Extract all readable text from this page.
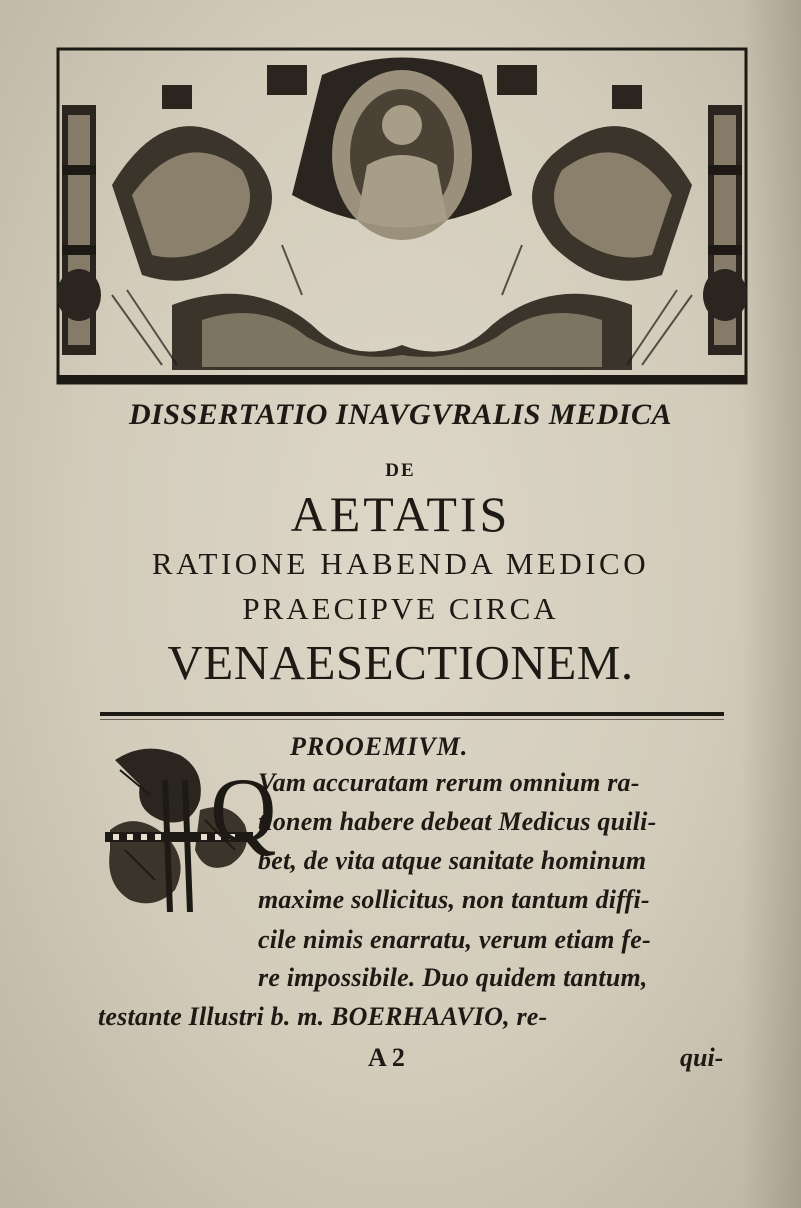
DISSERTATIO INAVGVRALIS MEDICA
DE
AETATIS
RATIONE HABENDA MEDICO
PRAECIPVE CIRCA
VENAESECTIONEM.
PROOEMIVM.
Q
Vam accuratam rerum omnium ra-
tionem habere debeat Medicus quili-
bet, de vita atque sanitate hominum
maxime sollicitus, non tantum diffi-
cile nimis enarratu, verum etiam fe-
re impossibile. Duo quidem tantum,
testante Illustri b. m. BOERHAAVIO, re-
A 2	qui-
